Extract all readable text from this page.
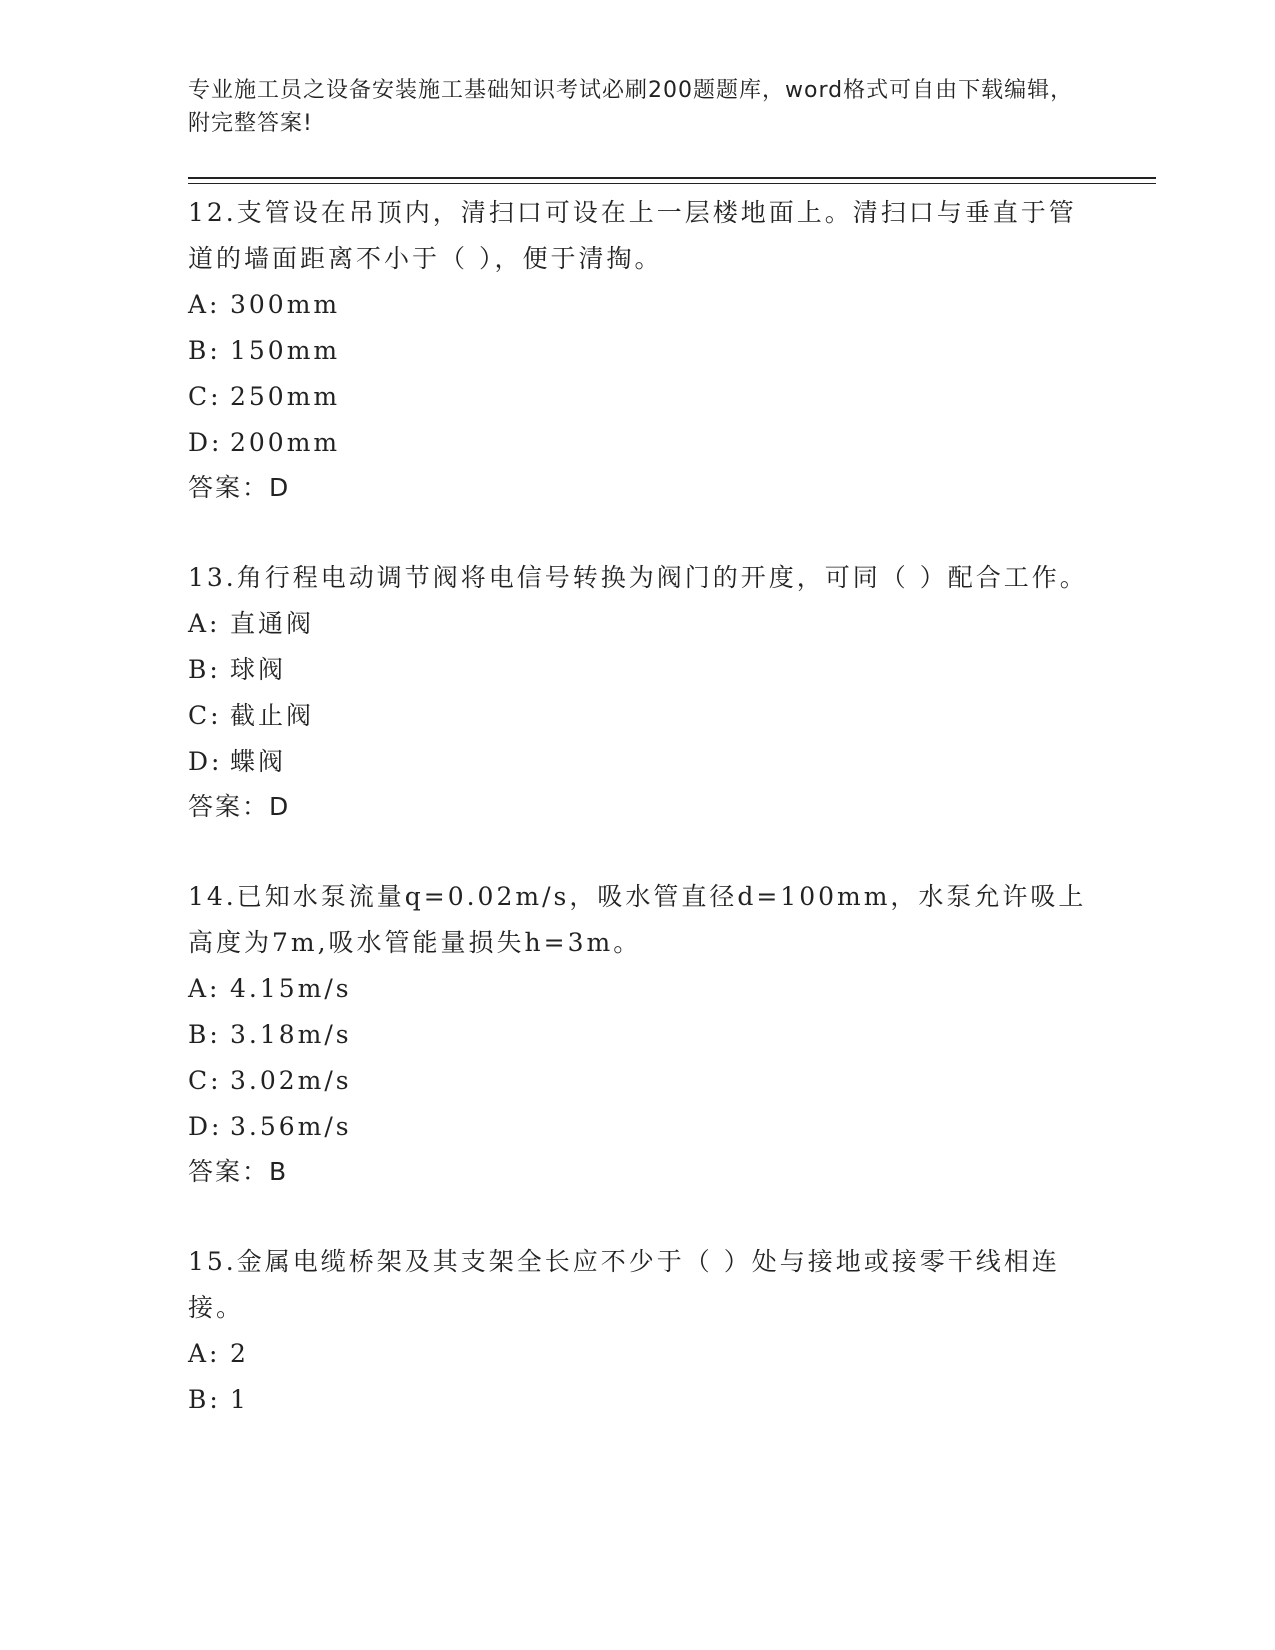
专业施工员之设备安装施工基础知识考试必刷200题题库，word格式可自由下载编辑，附完整答案!
12.支管设在吊顶内，清扫口可设在上一层楼地面上。清扫口与垂直于管道的墙面距离不小于（ ），便于清掏。
A: 300mm
B: 150mm
C: 250mm
D: 200mm
答案：D
13.角行程电动调节阀将电信号转换为阀门的开度，可同（ ）配合工作。
A: 直通阀
B: 球阀
C: 截止阀
D: 蝶阀
答案：D
14.已知水泵流量q=0.02m/s，吸水管直径d=100mm，水泵允许吸上高度为7m,吸水管能量损失h=3m。
A: 4.15m/s
B: 3.18m/s
C: 3.02m/s
D: 3.56m/s
答案：B
15.金属电缆桥架及其支架全长应不少于（ ）处与接地或接零干线相连接。
A: 2
B: 1
